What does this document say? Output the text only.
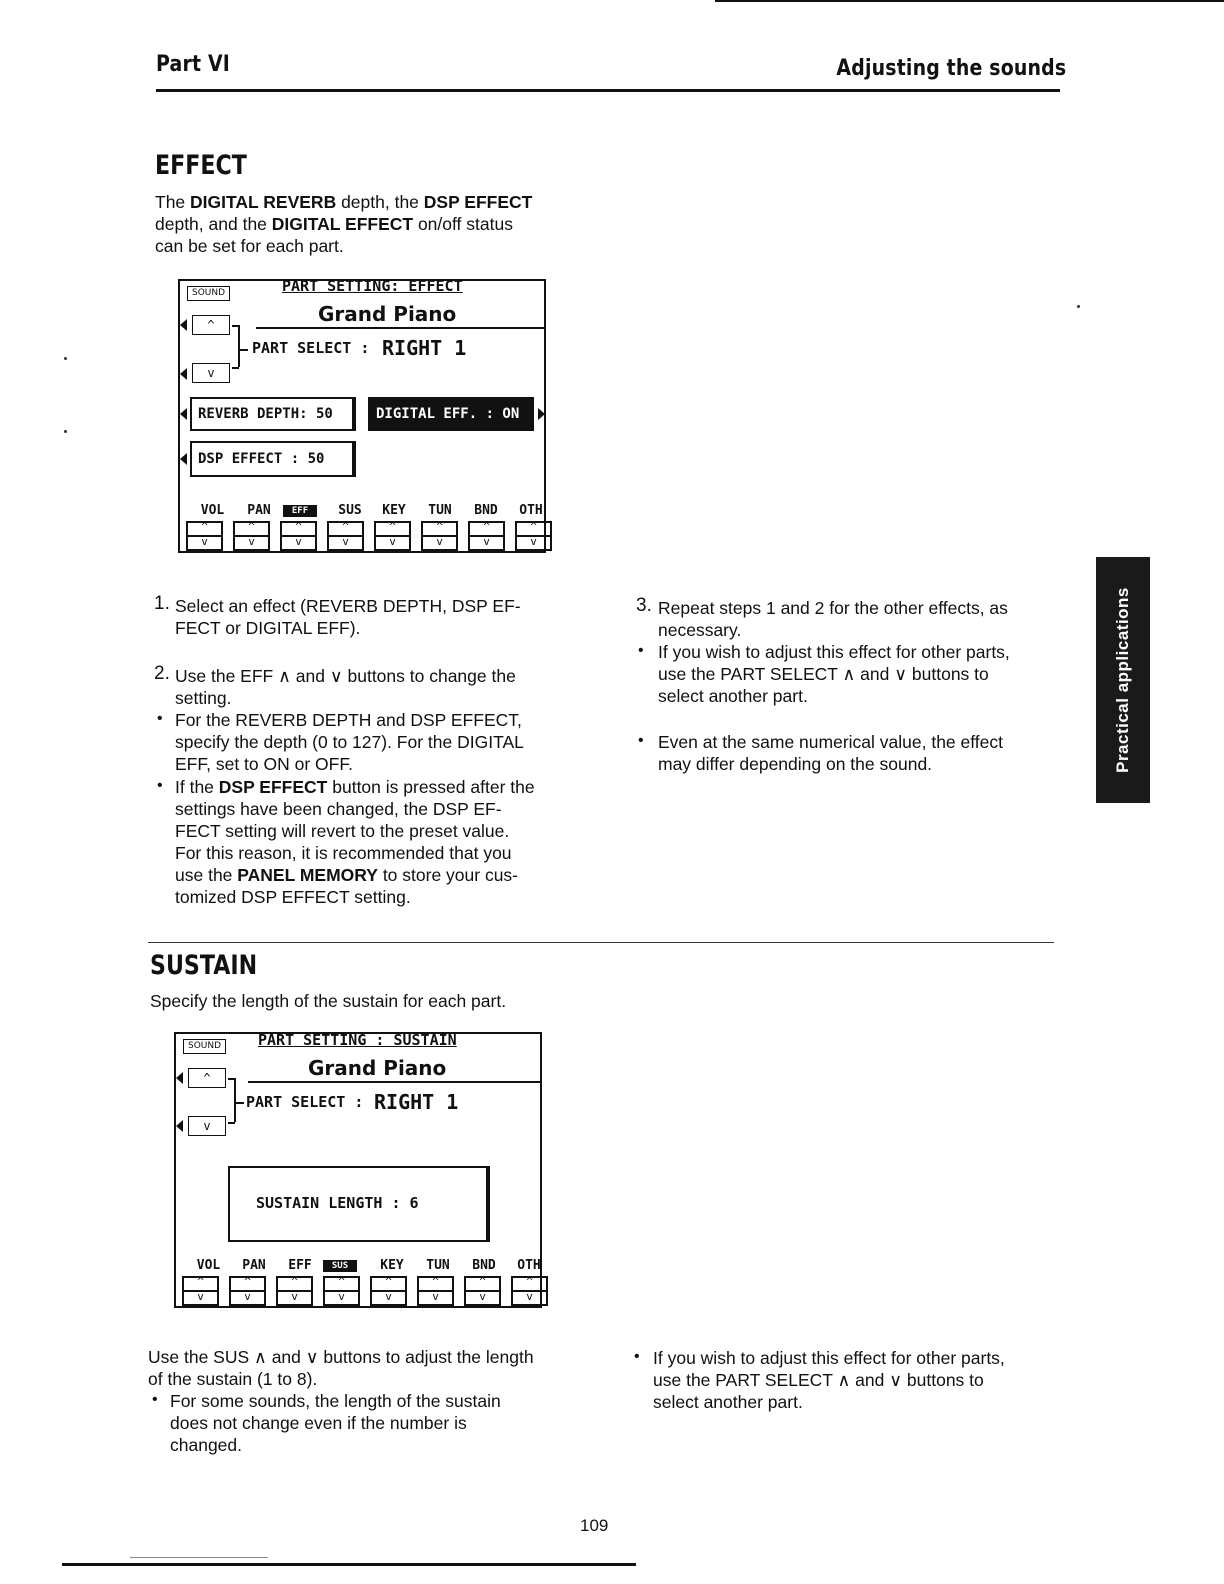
Part VI	Adjusting the sounds
EFFECT
The DIGITAL REVERB depth, the DSP EFFECT
depth, and the DIGITAL EFFECT on/off status
can be set for each part.
SOUND	PART SETTING: EFFECT
Grand Piano
^
PART SELECT : RIGHT 1
v
REVERB DEPTH: 50	DIGITAL EFF. : ON
DSP EFFECT : 50
VOL	PAN	EFF	SUS	KEY	TUN	BND	OTH
^
v
^
v
^
v
^
v
^
v
^
v
^
v
^
v
1. Select an effect (REVERB DEPTH, DSP EF-
FECT or DIGITAL EFF).
2. Use the EFF ∧ and ∨ buttons to change the
setting.
• For the REVERB DEPTH and DSP EFFECT,
specify the depth (0 to 127). For the DIGITAL
EFF, set to ON or OFF.
• If the DSP EFFECT button is pressed after the
settings have been changed, the DSP EF-
FECT setting will revert to the preset value.
For this reason, it is recommended that you
use the PANEL MEMORY to store your cus-
tomized DSP EFFECT setting.
3. Repeat steps 1 and 2 for the other effects, as
necessary.
• If you wish to adjust this effect for other parts,
use the PART SELECT ∧ and ∨ buttons to
select another part.
• Even at the same numerical value, the effect
may differ depending on the sound.	Practical applications
SUSTAIN
Specify the length of the sustain for each part.
SOUND	PART SETTING : SUSTAIN
Grand Piano
^
PART SELECT : RIGHT 1
v
SUSTAIN LENGTH : 6
VOL	PAN	EFF	SUS	KEY	TUN	BND	OTH
^
v
^
v
^
v
^
v
^
v
^
v
^
v
^
v
Use the SUS ∧ and ∨ buttons to adjust the length
of the sustain (1 to 8).
• For some sounds, the length of the sustain
does not change even if the number is
changed.
• If you wish to adjust this effect for other parts,
use the PART SELECT ∧ and ∨ buttons to
select another part.
109
